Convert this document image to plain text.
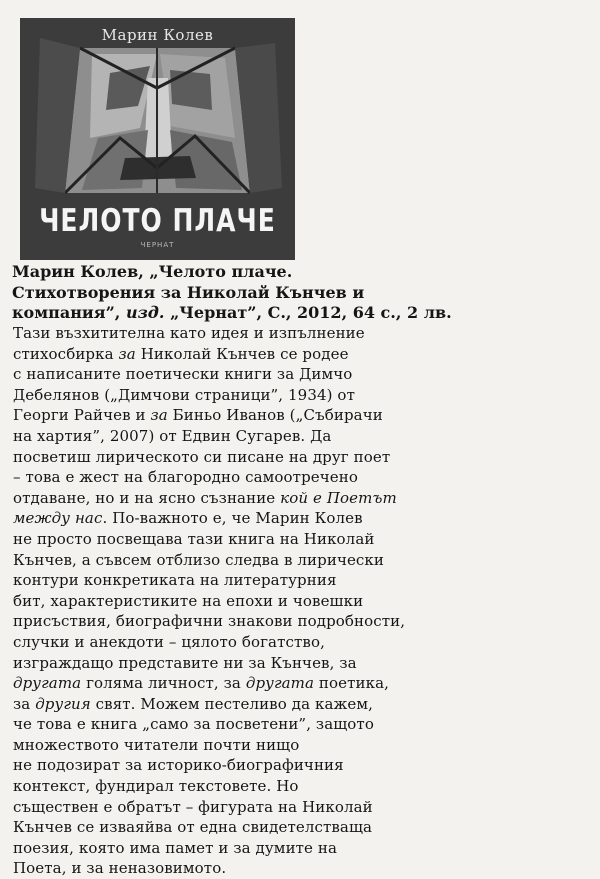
Марин Колев
ЧЕЛОТО ПЛАЧЕ
ЧЕРНАТ
Марин Колев, „Челото плаче.
Стихотворения за Николай Кънчев и
компания”, изд. „Чернат”, С., 2012, 64 с., 2 лв.
Тази възхитителна като идея и изпълнение
стихосбирка за Николай Кънчев се родее
с написаните поетически книги за Димчо
Дебелянов („Димчови страници”, 1934) от
Георги Райчев и за Биньо Иванов („Събирачи
на хартия”, 2007) от Едвин Сугарев. Да
посветиш лирическото си писане на друг поет
– това е жест на благородно самоотречено
отдаване, но и на ясно съзнание кой е Поетът
между нас. По-важното е, че Марин Колев
не просто посвещава тази книга на Николай
Кънчев, а съвсем отблизо следва в лирически
контури конкретиката на литературния
бит, характеристиките на епохи и човешки
присъствия, биографични знакови подробности,
случки и анекдоти – цялото богатство,
изграждащо представите ни за Кънчев, за
другата голяма личност, за другата поетика,
за другия свят. Можем пестеливо да кажем,
че това е книга „само за посветени”, защото
множеството читатели почти нищо
не подозират за историко-биографичния
контекст, фундирал текстовете. Но
съществен е обратът – фигурата на Николай
Кънчев се изваяйва от една свидетелстваща
поезия, която има памет и за думите на
Поета, и за неназовимото.
